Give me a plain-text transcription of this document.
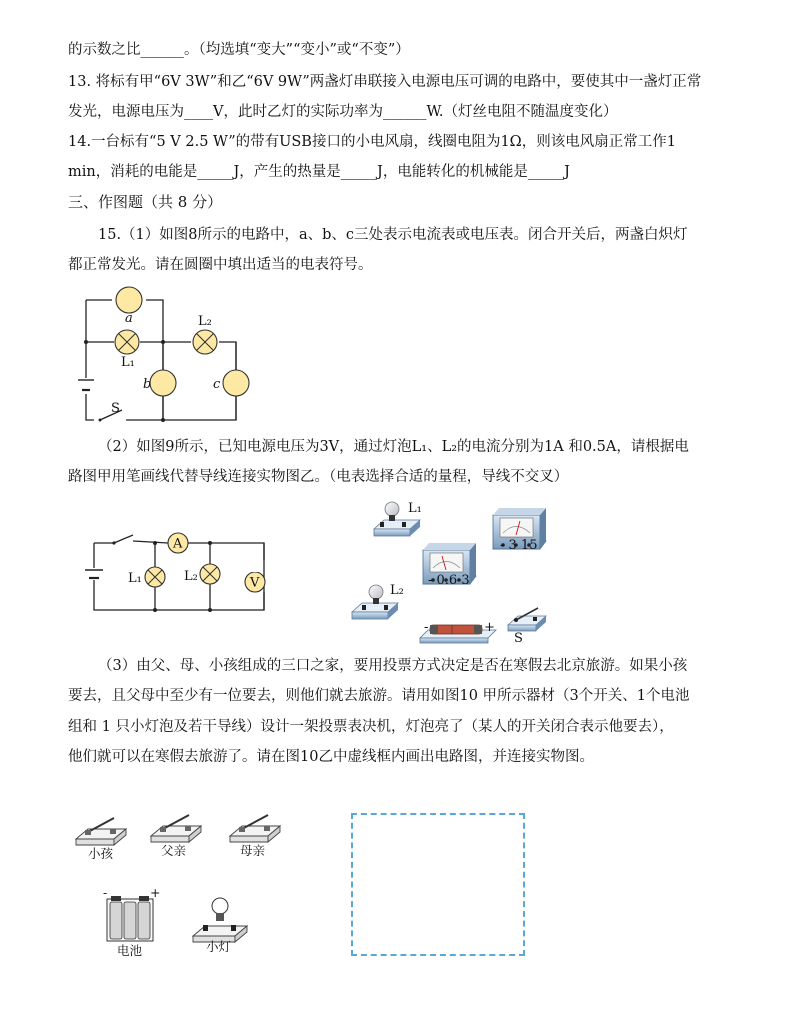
的示数之比______。（均选填“变大”“变小”或“不变”）
13. 将标有甲“6V 3W”和乙“6V 9W”两盏灯串联接入电源电压可调的电路中，要使其中一盏灯正常
发光，电源电压为____V，此时乙灯的实际功率为______W.（灯丝电阻不随温度变化）
14.一台标有“5 V 2.5 W”的带有USB接口的小电风扇，线圈电阻为1Ω，则该电风扇正常工作1
min，消耗的电能是_____J，产生的热量是_____J，电能转化的机械能是_____J
三、作图题（共 8 分）
15.（1）如图8所示的电路中，a、b、c三处表示电流表或电压表。闭合开关后，两盏白炽灯
都正常发光。请在圆圈中填出适当的电表符号。
a
b	c
L₁
L₂
S
（2）如图9所示，已知电源电压为3V，通过灯泡L₁、L₂的电流分别为1A 和0.5A，请根据电
路图甲用笔画线代替导线连接实物图乙。（电表选择合适的量程，导线不交叉）
A
V
L₁	L₂
L₁
- 3 15
- 0.6 3
L₂
-	+
S
（3）由父、母、小孩组成的三口之家，要用投票方式决定是否在寒假去北京旅游。如果小孩
要去，且父母中至少有一位要去，则他们就去旅游。请用如图10 甲所示器材（3个开关、1个电池
组和 1 只小灯泡及若干导线）设计一架投票表决机，灯泡亮了（某人的开关闭合表示他要去），
他们就可以在寒假去旅游了。请在图10乙中虚线框内画出电路图，并连接实物图。
小孩	父亲	母亲
-	+
电池	小灯
